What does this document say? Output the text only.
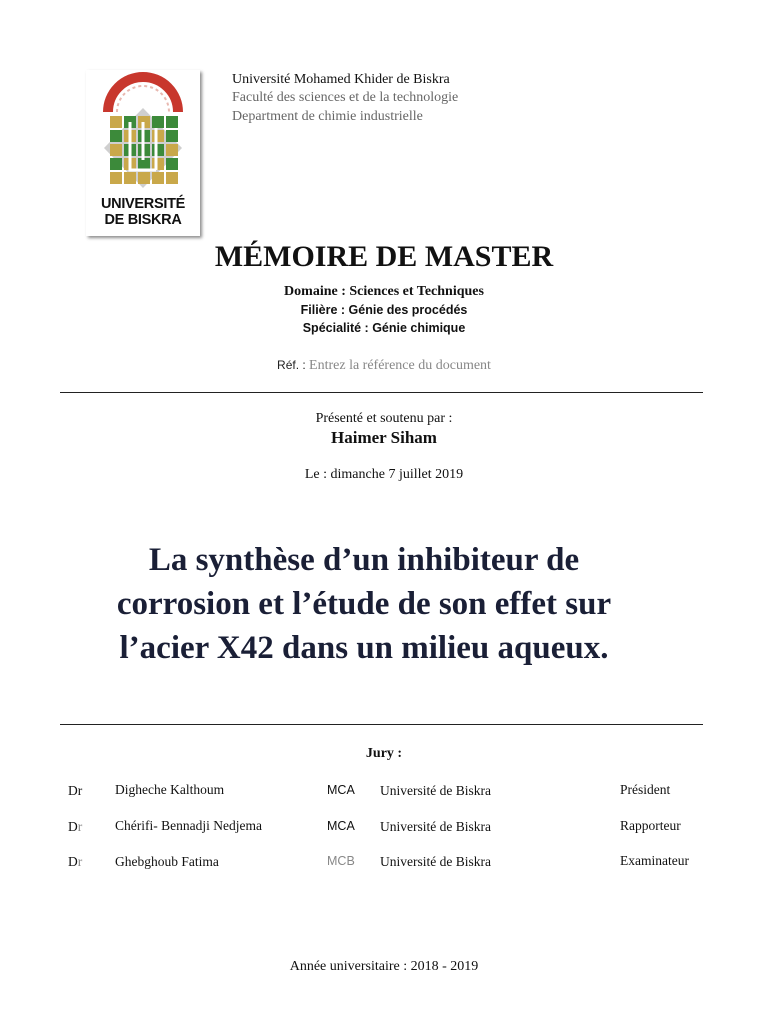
UNIVERSITÉ
DE BISKRA
Université Mohamed Khider de Biskra
Faculté des sciences et de la technologie
Department de chimie industrielle
MÉMOIRE DE MASTER
Domaine : Sciences et Techniques
Filière : Génie des procédés
Spécialité : Génie chimique
Réf. : Entrez la référence du document
Présenté et soutenu par :
Haimer Siham
Le : dimanche 7 juillet 2019
La synthèse d’un inhibiteur de
corrosion et l’étude de son effet sur
l’acier X42 dans un milieu aqueux.
Jury :
Dr Digheche Kalthoum	MCA Université de Biskra	Président
Dr Chérifi- Bennadji Nedjema	MCA Université de Biskra	Rapporteur
Dr Ghebghoub Fatima	MCB Université de Biskra	Examinateur
Année universitaire : 2018 - 2019
